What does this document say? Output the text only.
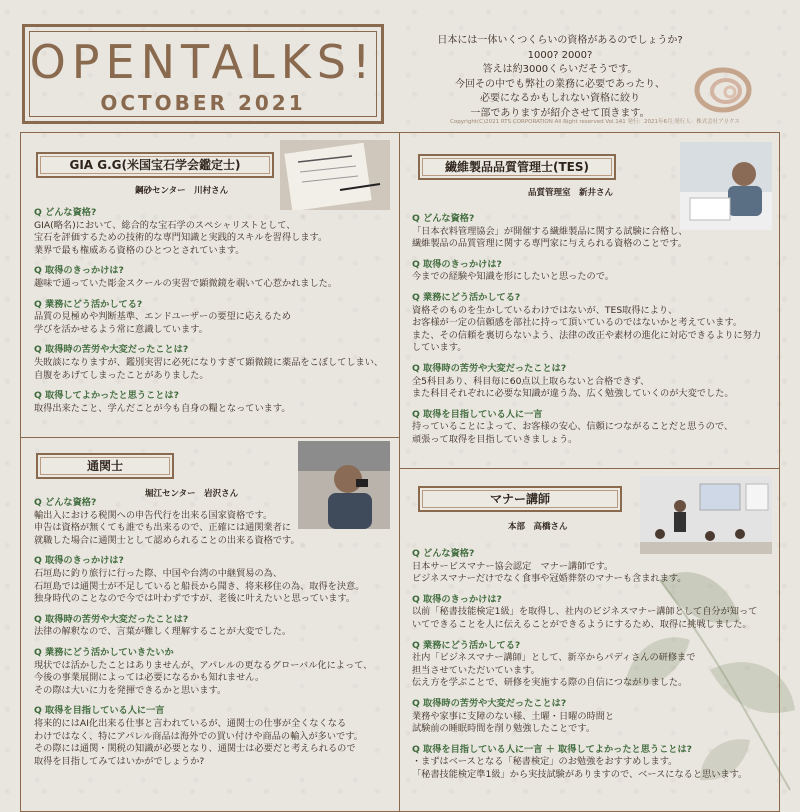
OPENTALKS!
OCTOBER 2021
日本には一体いくつくらいの資格があるのでしょうか?
1000? 2000?
答えは約3000くらいだそうです。
今回その中でも弊社の業務に必要であったり、
必要になるかもしれない資格に絞り
一部でありますが紹介させて頂きます。
Copyright(C)2021 RTS CORPORATION All Right reserved Vol.141 発行：2021年6月 発行人：株式会社アリクス
GIA G.G(米国宝石学会鑑定士)
鋼砂センター　川村さん
Q どんな資格?
GIA(略名)において、総合的な宝石学のスペシャリストとして、
宝石を評価するための技術的な専門知識と実践的スキルを習得します。
業界で最も権威ある資格のひとつとされています。
Q 取得のきっかけは?
趣味で通っていた彫金スクールの実習で顕微鏡を覗いて心惹かれました。
Q 業務にどう活かしてる?
品質の見極めや判断基準、エンドユーザーの要望に応えるため
学びを活かせるよう常に意識しています。
Q 取得時の苦労や大変だったことは?
失敗談になりますが、鑑別実習に必死になりすぎて顕微鏡に薬品をこぼしてしまい、
自腹をあげてしまったことがありました。
Q 取得してよかったと思うことは?
取得出来たこと、学んだことが今も自身の糧となっています。
通関士
堀江センター　岩沢さん
Q どんな資格?
輸出入における税関への申告代行を出来る国家資格です。
申告は資格が無くても誰でも出来るので、正確には通関業者に
就職した場合に通関士として認められることの出来る資格です。
Q 取得のきっかけは?
石垣島に釣り旅行に行った際、中国や台湾の中継貿易の為、
石垣島では通関士が不足していると船長から聞き、将来移住の為、取得を決意。
独身時代のことなので今では叶わずですが、老後に叶えたいと思っています。
Q 取得時の苦労や大変だったことは?
法律の解釈なので、言葉が難しく理解することが大変でした。
Q 業務にどう活かしていきたいか
現状では活かしたことはありませんが、アパレルの更なるグローバル化によって、
今後の事業展開によっては必要になるかも知れません。
その際は大いに力を発揮できるかと思います。
Q 取得を目指している人に一言
将来的にはAI化出来る仕事と言われているが、通関士の仕事が全くなくなる
わけではなく、特にアパレル商品は海外での買い付けや商品の輸入が多いです。
その際には通関・関税の知識が必要となり、通関士は必要だと考えられるので
取得を目指してみてはいかがでしょうか?
繊維製品品質管理士(TES)
品質管理室　新井さん
Q どんな資格?
「日本衣料管理協会」が開催する繊維製品に関する試験に合格し、
繊維製品の品質管理に関する専門家に与えられる資格のことです。
Q 取得のきっかけは?
今までの経験や知識を形にしたいと思ったので。
Q 業務にどう活かしてる?
資格そのものを生かしているわけではないが、TES取得により、
お客様が一定の信頼感を部社に持って頂いているのではないかと考えています。
また、その信頼を裏切らないよう、法律の改正や素材の進化に対応できるよりに努力
しています。
Q 取得時の苦労や大変だったことは?
全5科目あり、科目毎に60点以上取らないと合格できず、
また科目それぞれに必要な知識が違う為、広く勉強していくのが大変でした。
Q 取得を目指している人に一言
持っていることによって、お客様の安心、信頼につながることだと思うので、
頑張って取得を目指していきましょう。
マナー講師
本部　高橋さん
Q どんな資格?
日本サービスマナー協会認定　マナー講師です。
ビジネスマナーだけでなく食事や冠婚葬祭のマナーも含まれます。
Q 取得のきっかけは?
以前「秘書技能検定1級」を取得し、社内のビジネスマナー講師として自分が知って
いてできることを人に伝えることができるようにするため、取得に挑戦しました。
Q 業務にどう活かしてる?
社内「ビジネスマナー講師」として、新卒からパディさんの研修まで
担当させていただいています。
伝え方を学ぶことで、研修を実施する際の自信につながりました。
Q 取得時の苦労や大変だったことは?
業務や家事に支障のない様、土曜・日曜の時間と
試験前の睡眠時間を削り勉強したことです。
Q 取得を目指している人に一言 ＋ 取得してよかったと思うことは?
・まずはベースとなる「秘書検定」のお勉強をおすすめします。
「秘書技能検定準1級」から実技試験がありますので、ベースになると思います。
